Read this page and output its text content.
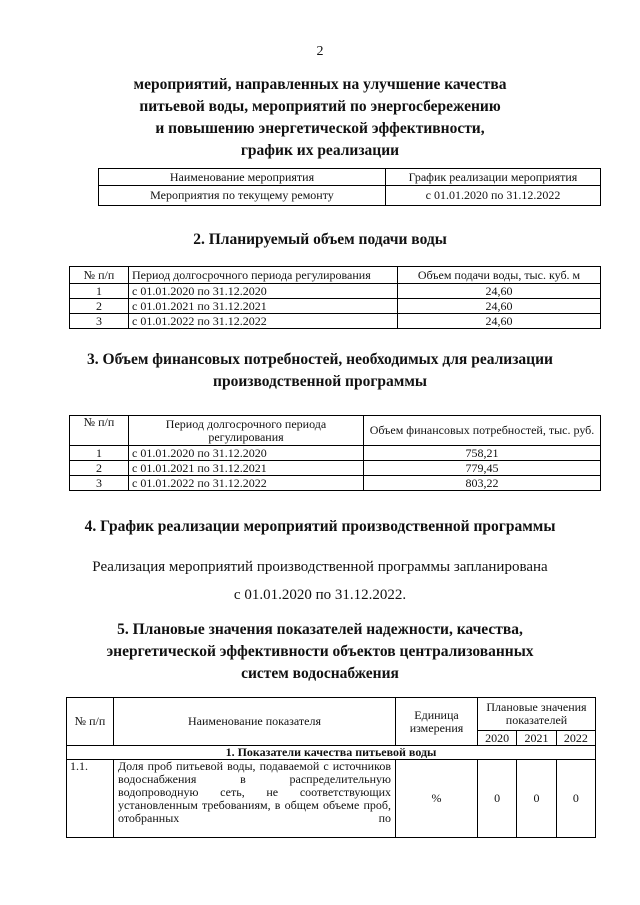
2
мероприятий, направленных на улучшение качества
питьевой воды, мероприятий по энергосбережению
и повышению энергетической эффективности,
график их реализации
Наименование мероприятия	График реализации мероприятия
Мероприятия по текущему ремонту	с 01.01.2020 по 31.12.2022
2. Планируемый объем подачи воды
№ п/п	Период долгосрочного периода регулирования	Объем подачи воды, тыс. куб. м
1	с 01.01.2020 по 31.12.2020	24,60
2	с 01.01.2021 по 31.12.2021	24,60
3	с 01.01.2022 по 31.12.2022	24,60
3. Объем финансовых потребностей, необходимых для реализации
производственной программы
№ п/п	Период долгосрочного периода регулирования	Объем финансовых потребностей, тыс. руб.
1	с 01.01.2020 по 31.12.2020	758,21
2	с 01.01.2021 по 31.12.2021	779,45
3	с 01.01.2022 по 31.12.2022	803,22
4. График реализации мероприятий производственной программы
Реализация мероприятий производственной программы запланирована
с 01.01.2020 по 31.12.2022.
5. Плановые значения показателей надежности, качества,
энергетической эффективности объектов централизованных
систем водоснабжения
№ п/п	Наименование показателя	Единица измерения	Плановые значения показателей		
			2020	2021	2022
1. Показатели качества питьевой воды					
1.1.	Доля проб питьевой воды, подаваемой с источников водоснабжения в распределительную водопроводную сеть, не соответствующих установленным требованиям, в общем объеме проб, отобранных по	%	0	0	0
